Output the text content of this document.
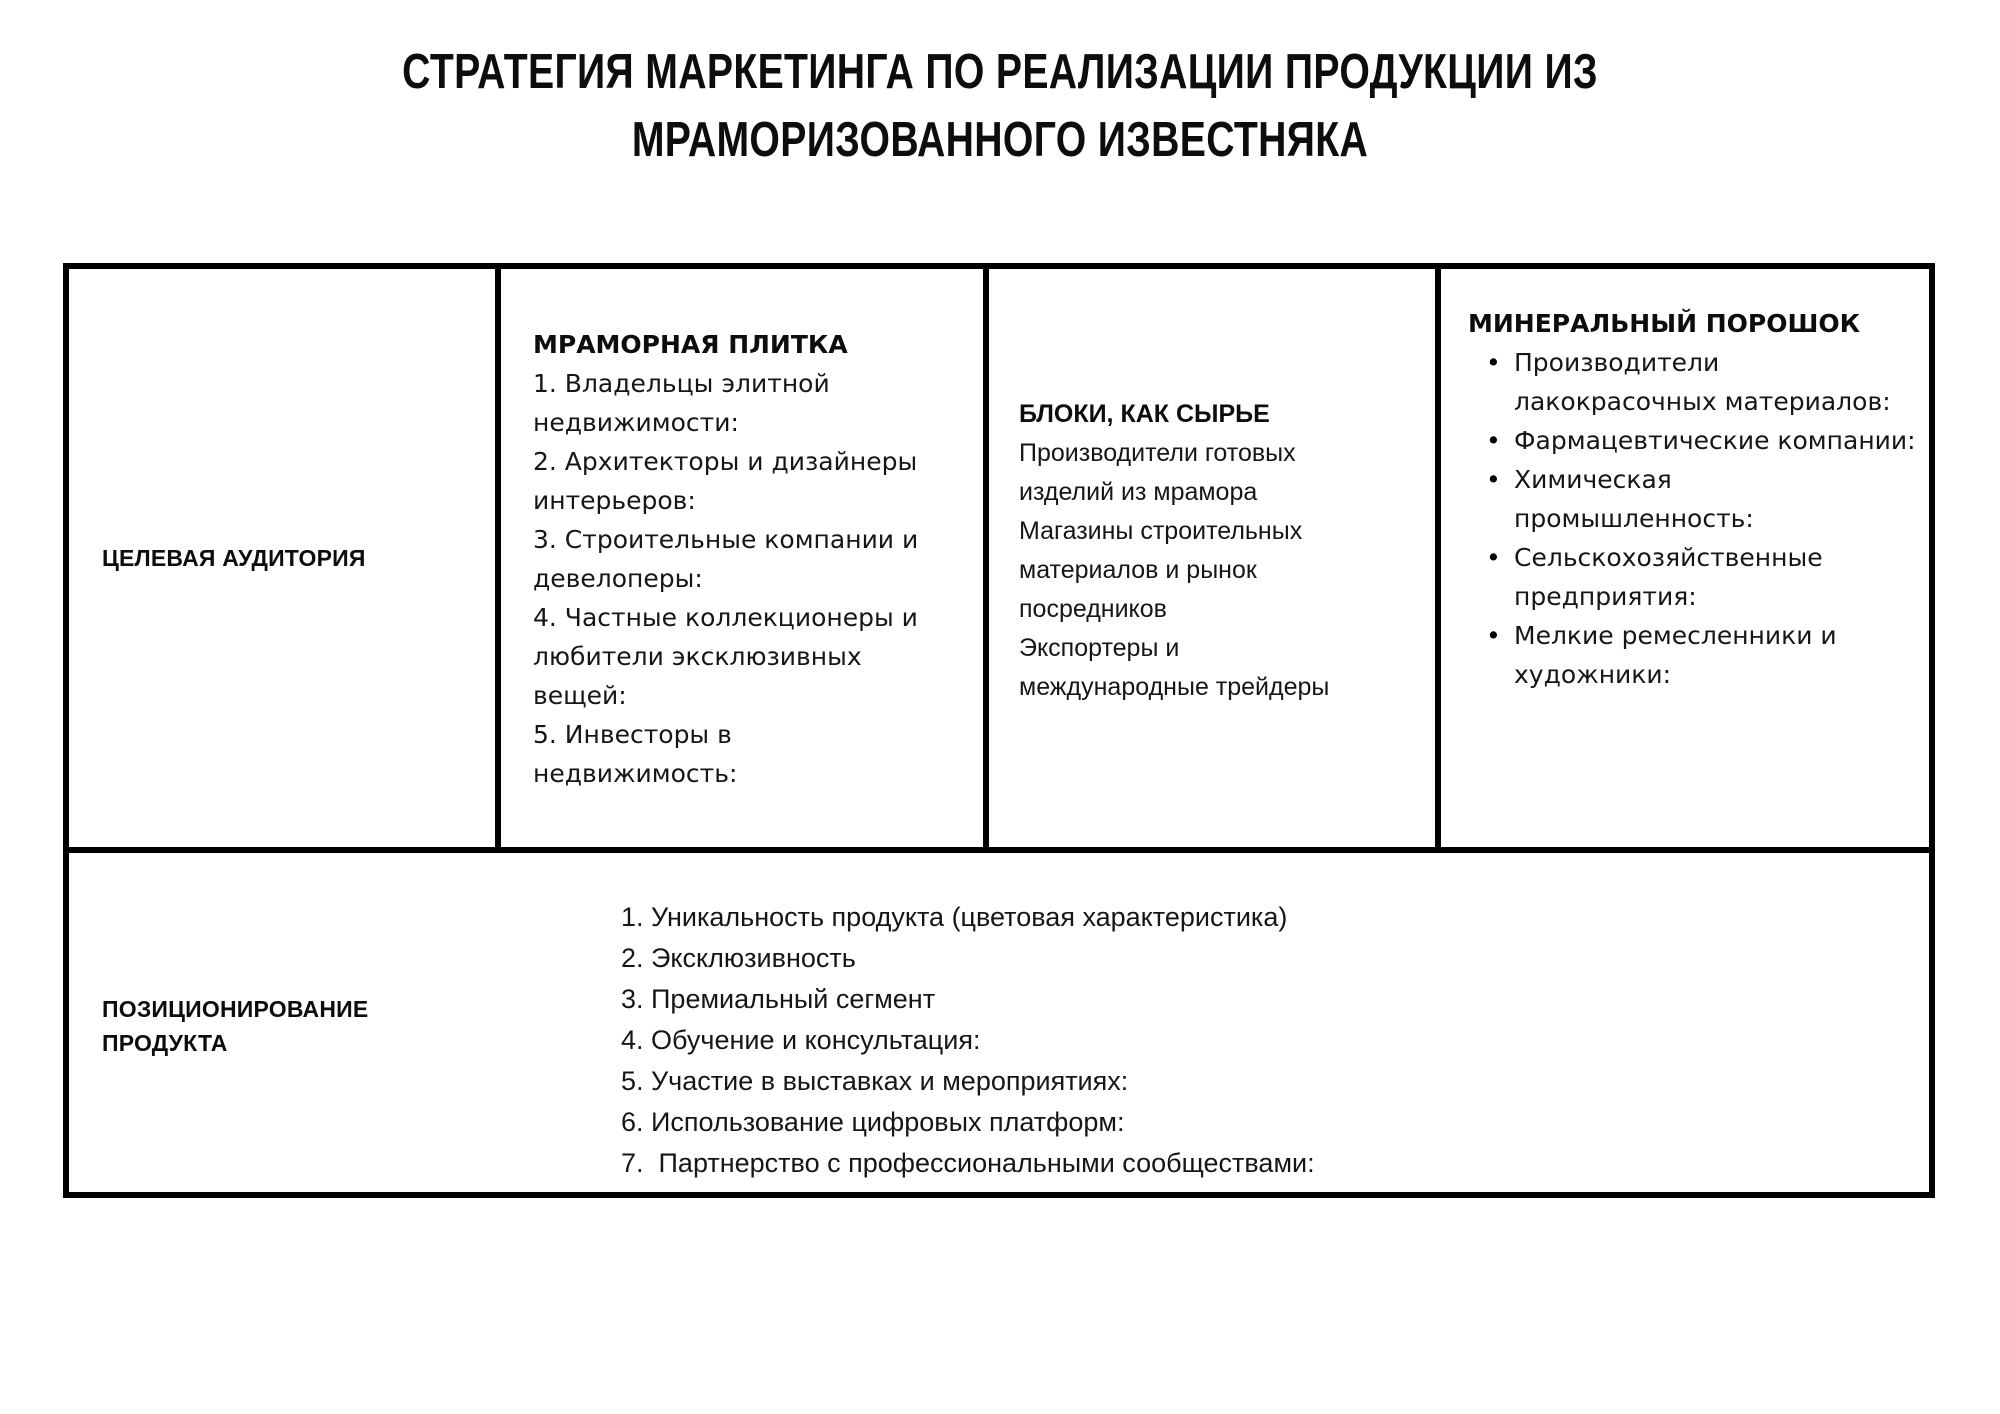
СТРАТЕГИЯ МАРКЕТИНГА ПО РЕАЛИЗАЦИИ ПРОДУКЦИИ ИЗ
МРАМОРИЗОВАННОГО ИЗВЕСТНЯКА
ЦЕЛЕВАЯ АУДИТОРИЯ
МРАМОРНАЯ ПЛИТКА
1. Владельцы элитной
недвижимости:
2. Архитекторы и дизайнеры
интерьеров:
3. Строительные компании и
девелоперы:
4. Частные коллекционеры и
любители эксклюзивных
вещей:
5. Инвесторы в
недвижимость:
БЛОКИ, КАК СЫРЬЕ
Производители готовых
изделий из мрамора
Магазины строительных
материалов и рынок
посредников
Экспортеры и
международные трейдеры
МИНЕРАЛЬНЫЙ ПОРОШОК
• Производители лакокрасочных материалов:
• Фармацевтические компании:
• Химическая промышленность:
• Сельскохозяйственные предприятия:
• Мелкие ремесленники и художники:
ПОЗИЦИОНИРОВАНИЕ
ПРОДУКТА
1. Уникальность продукта (цветовая характеристика)
2. Эксклюзивность
3. Премиальный сегмент
4. Обучение и консультация:
5. Участие в выставках и мероприятиях:
6. Использование цифровых платформ:
7.  Партнерство с профессиональными сообществами:
